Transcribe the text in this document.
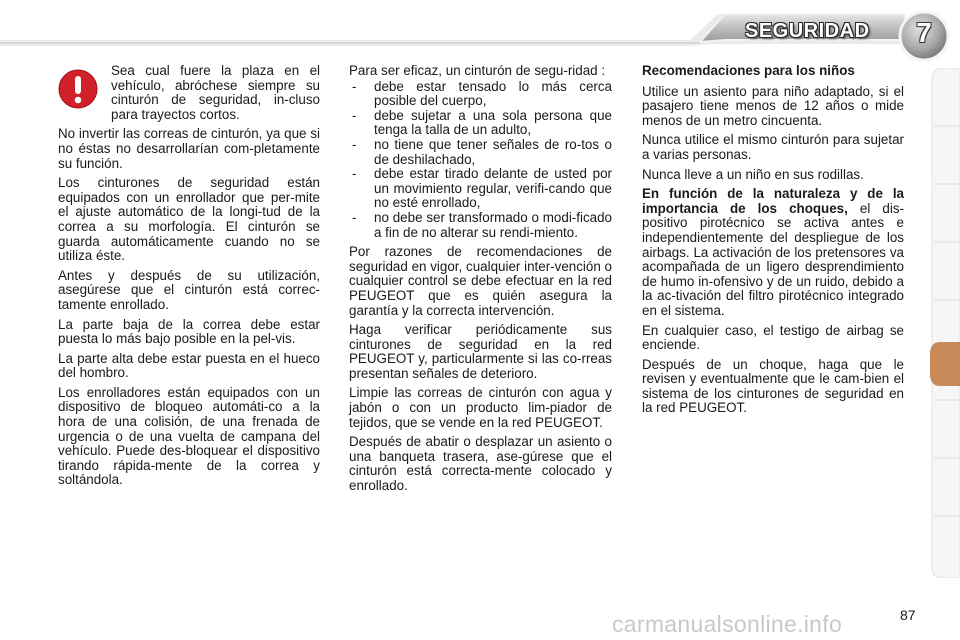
SEGURIDAD	7

Sea cual fuere la plaza en el vehículo, abróchese siempre su cinturón de seguridad, in-cluso para trayectos cortos.

No invertir las correas de cinturón, ya que si no éstas no desarrollarían com-pletamente su función.

Los cinturones de seguridad están equipados con un enrollador que per-mite el ajuste automático de la longi-tud de la correa a su morfología. El cinturón se guarda automáticamente cuando no se utiliza éste.

Antes y después de su utilización, asegúrese que el cinturón está correc-tamente enrollado.

La parte baja de la correa debe estar puesta lo más bajo posible en la pel-vis.

La parte alta debe estar puesta en el hueco del hombro.

Los enrolladores están equipados con un dispositivo de bloqueo automáti-co a la hora de una colisión, de una frenada de urgencia o de una vuelta de campana del vehículo. Puede des-bloquear el dispositivo tirando rápida-mente de la correa y soltándola.

Para ser eficaz, un cinturón de segu-ridad :

- debe estar tensado lo más cerca posible del cuerpo,
- debe sujetar a una sola persona que tenga la talla de un adulto,
- no tiene que tener señales de ro-tos o de deshilachado,
- debe estar tirado delante de usted por un movimiento regular, verifi-cando que no esté enrollado,
- no debe ser transformado o modi-ficado a fin de no alterar su rendi-miento.

Por razones de recomendaciones de seguridad en vigor, cualquier inter-vención o cualquier control se debe efectuar en la red PEUGEOT que es quién asegura la garantía y la correcta intervención.

Haga verificar periódicamente sus cinturones de seguridad en la red PEUGEOT y, particularmente si las co-rreas presentan señales de deterioro.

Limpie las correas de cinturón con agua y jabón o con un producto lim-piador de tejidos, que se vende en la red PEUGEOT.

Después de abatir o desplazar un asiento o una banqueta trasera, ase-gúrese que el cinturón está correcta-mente colocado y enrollado.

Recomendaciones para los niños

Utilice un asiento para niño adaptado, si el pasajero tiene menos de 12 años o mide menos de un metro cincuenta.

Nunca utilice el mismo cinturón para sujetar a varias personas.

Nunca lleve a un niño en sus rodillas.

En función de la naturaleza y de la importancia de los choques, el dis-positivo pirotécnico se activa antes e independientemente del despliegue de los airbags. La activación de los pretensores va acompañada de un ligero desprendimiento de humo in-ofensivo y de un ruido, debido a la ac-tivación del filtro pirotécnico integrado en el sistema.

En cualquier caso, el testigo de airbag se enciende.

Después de un choque, haga que le revisen y eventualmente que le cam-bien el sistema de los cinturones de seguridad en la red PEUGEOT.

carmanualsonline.info	87
